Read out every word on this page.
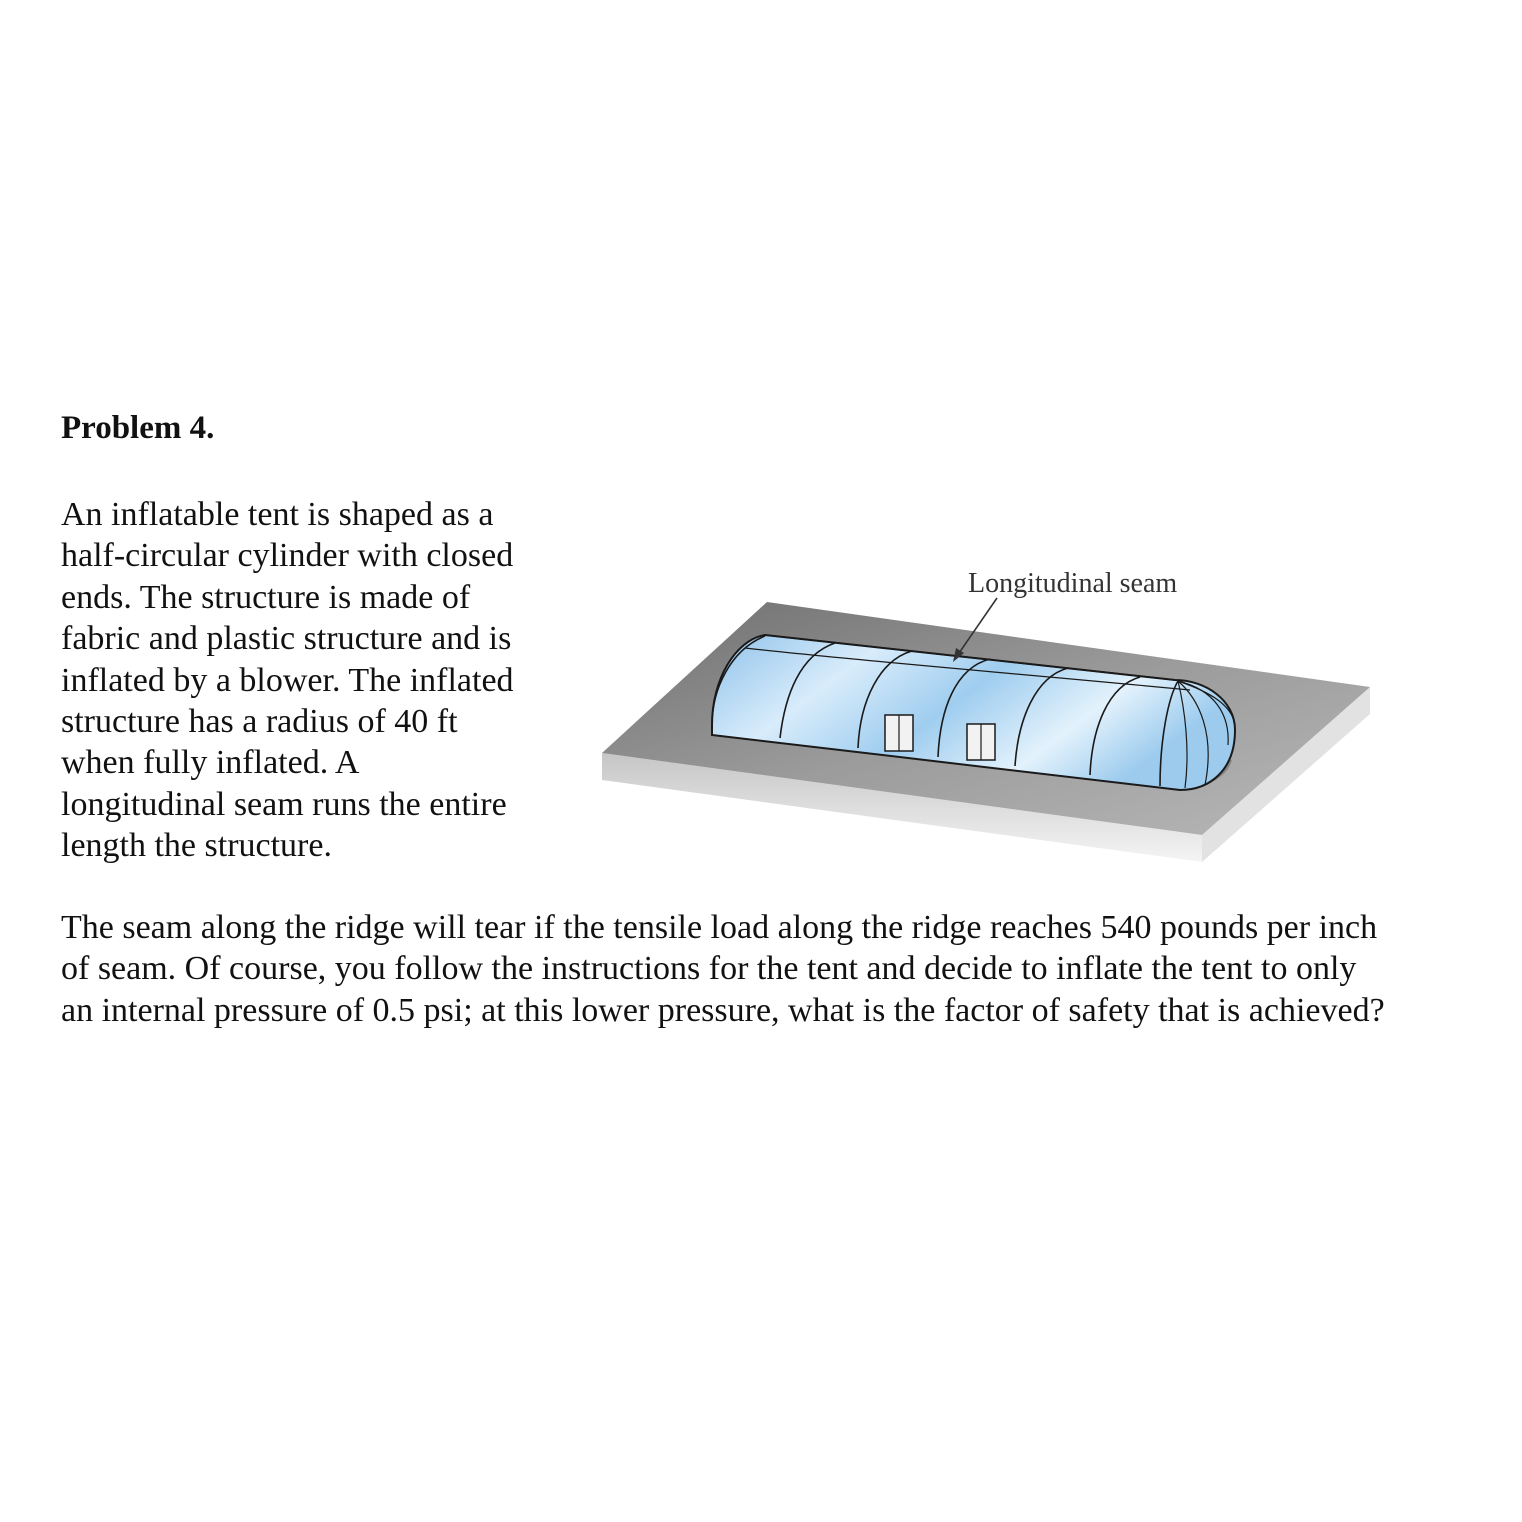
Problem 4.
An inflatable tent is shaped as a
half-circular cylinder with closed
ends. The structure is made of
fabric and plastic structure and is
inflated by a blower. The inflated
structure has a radius of 40 ft
when fully inflated. A
longitudinal seam runs the entire
length the structure.
Longitudinal seam
The seam along the ridge will tear if the tensile load along the ridge reaches 540 pounds per inch
of seam. Of course, you follow the instructions for the tent and decide to inflate the tent to only
an internal pressure of 0.5 psi; at this lower pressure, what is the factor of safety that is achieved?
